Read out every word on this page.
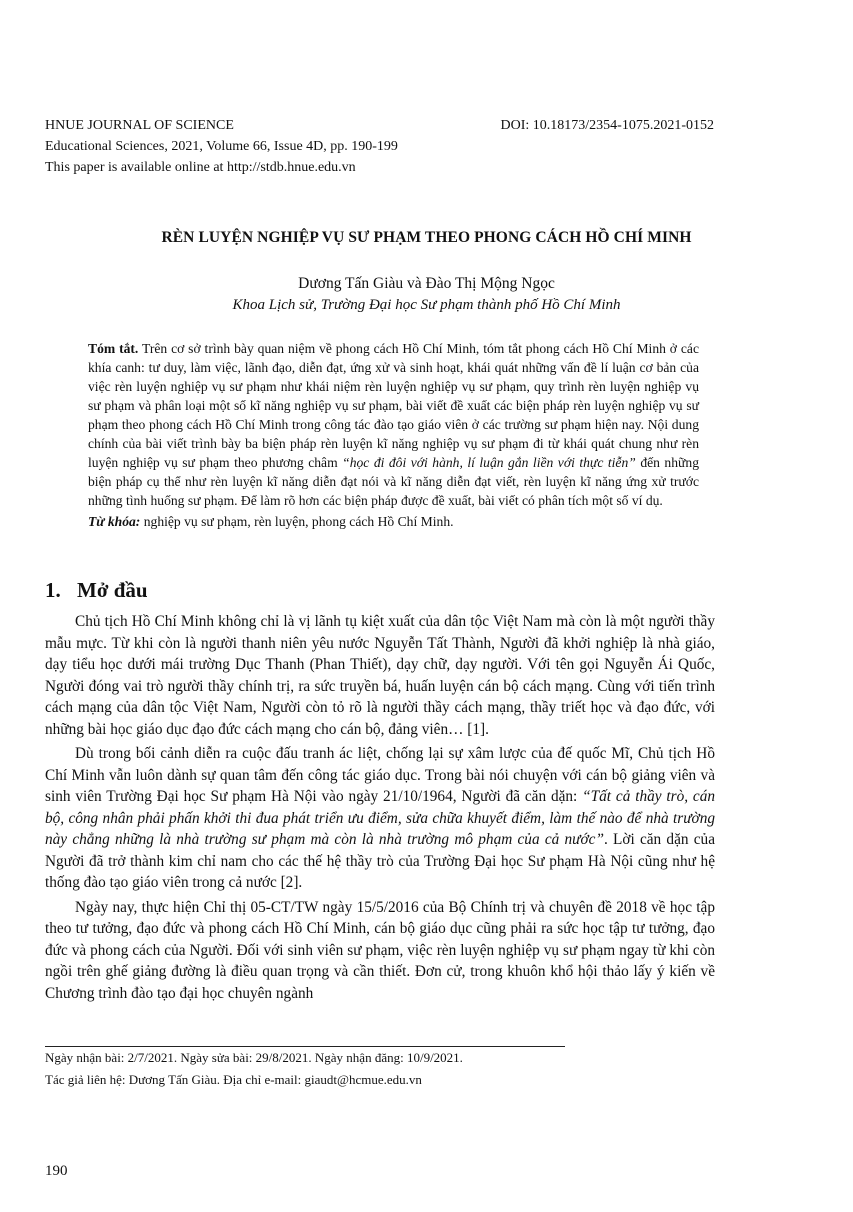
HNUE JOURNAL OF SCIENCE	DOI: 10.18173/2354-1075.2021-0152
Educational Sciences, 2021, Volume 66, Issue 4D, pp. 190-199
This paper is available online at http://stdb.hnue.edu.vn
RÈN LUYỆN NGHIỆP VỤ SƯ PHẠM THEO PHONG CÁCH HỒ CHÍ MINH
Dương Tấn Giàu và Đào Thị Mộng Ngọc
Khoa Lịch sử, Trường Đại học Sư phạm thành phố Hồ Chí Minh

Tóm tắt. Trên cơ sở trình bày quan niệm về phong cách Hồ Chí Minh, tóm tắt phong cách Hồ Chí Minh ở các khía canh: tư duy, làm việc, lãnh đạo, diễn đạt, ứng xử và sinh hoạt, khái quát những vấn đề lí luận cơ bản của việc rèn luyện nghiệp vụ sư phạm như khái niệm rèn luyện nghiệp vụ sư phạm, quy trình rèn luyện nghiệp vụ sư phạm và phân loại một số kĩ năng nghiệp vụ sư phạm, bài viết đề xuất các biện pháp rèn luyện nghiệp vụ sư phạm theo phong cách Hồ Chí Minh trong công tác đào tạo giáo viên ở các trường sư phạm hiện nay. Nội dung chính của bài viết trình bày ba biện pháp rèn luyện kĩ năng nghiệp vụ sư phạm đi từ khái quát chung như rèn luyện nghiệp vụ sư phạm theo phương châm “học đi đôi với hành, lí luận gắn liền với thực tiễn” đến những biện pháp cụ thể như rèn luyện kĩ năng diễn đạt nói và kĩ năng diễn đạt viết, rèn luyện kĩ năng ứng xử trước những tình huống sư phạm. Để làm rõ hơn các biện pháp được đề xuất, bài viết có phân tích một số ví dụ.

Từ khóa: nghiệp vụ sư phạm, rèn luyện, phong cách Hồ Chí Minh.

1. Mở đầu

Chủ tịch Hồ Chí Minh không chỉ là vị lãnh tụ kiệt xuất của dân tộc Việt Nam mà còn là một người thầy mẫu mực. Từ khi còn là người thanh niên yêu nước Nguyễn Tất Thành, Người đã khởi nghiệp là nhà giáo, dạy tiểu học dưới mái trường Dục Thanh (Phan Thiết), dạy chữ, dạy người. Với tên gọi Nguyễn Ái Quốc, Người đóng vai trò người thầy chính trị, ra sức truyền bá, huấn luyện cán bộ cách mạng. Cùng với tiến trình cách mạng của dân tộc Việt Nam, Người còn tỏ rõ là người thầy cách mạng, thầy triết học và đạo đức, với những bài học giáo dục đạo đức cách mạng cho cán bộ, đảng viên… [1].

Dù trong bối cảnh diễn ra cuộc đấu tranh ác liệt, chống lại sự xâm lược của đế quốc Mĩ, Chủ tịch Hồ Chí Minh vẫn luôn dành sự quan tâm đến công tác giáo dục. Trong bài nói chuyện với cán bộ giảng viên và sinh viên Trường Đại học Sư phạm Hà Nội vào ngày 21/10/1964, Người đã căn dặn: “Tất cả thầy trò, cán bộ, công nhân phải phấn khởi thi đua phát triển ưu điểm, sửa chữa khuyết điểm, làm thế nào để nhà trường này chẳng những là nhà trường sư phạm mà còn là nhà trường mô phạm của cả nước”. Lời căn dặn của Người đã trở thành kim chỉ nam cho các thế hệ thầy trò của Trường Đại học Sư phạm Hà Nội cũng như hệ thống đào tạo giáo viên trong cả nước [2].

Ngày nay, thực hiện Chỉ thị 05-CT/TW ngày 15/5/2016 của Bộ Chính trị và chuyên đề 2018 về học tập theo tư tưởng, đạo đức và phong cách Hồ Chí Minh, cán bộ giáo dục cũng phải ra sức học tập tư tưởng, đạo đức và phong cách của Người. Đối với sinh viên sư phạm, việc rèn luyện nghiệp vụ sư phạm ngay từ khi còn ngồi trên ghế giảng đường là điều quan trọng và cần thiết. Đơn cử, trong khuôn khổ hội thảo lấy ý kiến về Chương trình đào tạo đại học chuyên ngành

Ngày nhận bài: 2/7/2021. Ngày sửa bài: 29/8/2021. Ngày nhận đăng: 10/9/2021.
Tác giả liên hệ: Dương Tấn Giàu. Địa chỉ e-mail: giaudt@hcmue.edu.vn
190
